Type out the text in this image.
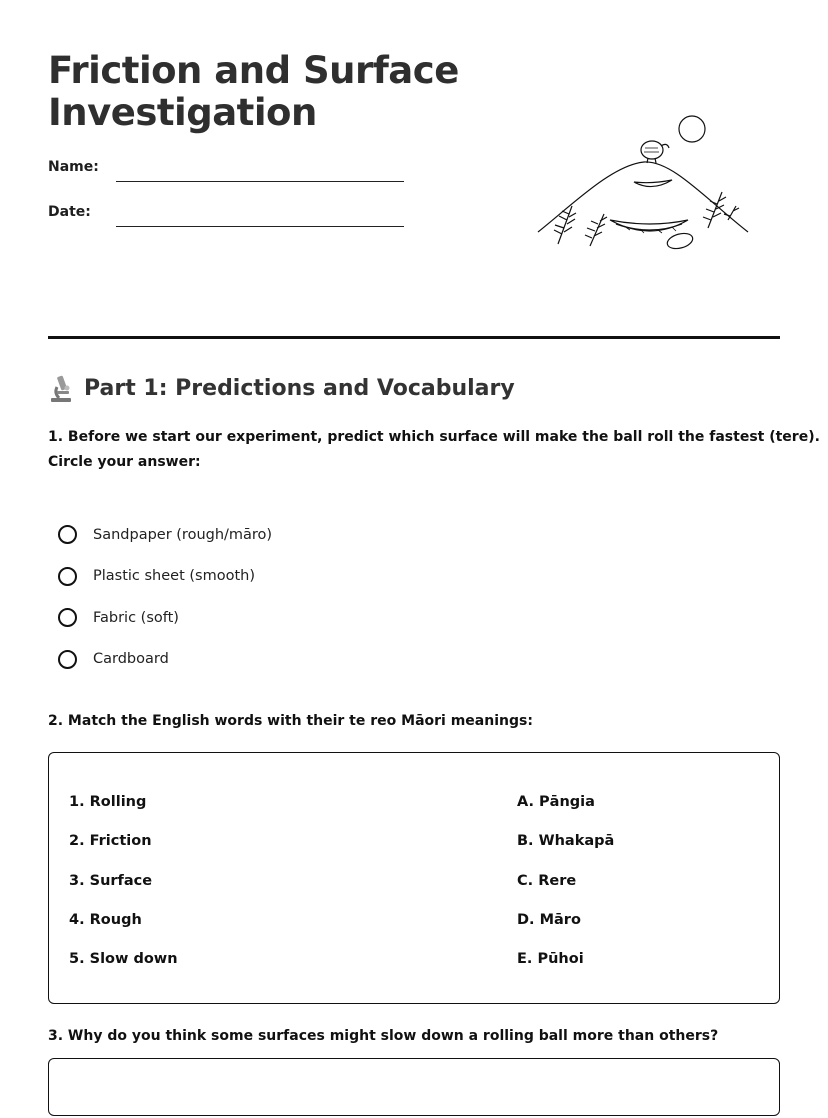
Friction and Surface
Investigation
Name:
Date:
Part 1: Predictions and Vocabulary

1. Before we start our experiment, predict which surface will make the ball roll the fastest (tere).
Circle your answer:

Sandpaper (rough/māro)
Plastic sheet (smooth)
Fabric (soft)
Cardboard

2. Match the English words with their te reo Māori meanings:

1. Rolling
2. Friction
3. Surface
4. Rough
5. Slow down
A. Pāngia
B. Whakapā
C. Rere
D. Māro
E. Pūhoi

3. Why do you think some surfaces might slow down a rolling ball more than others?
